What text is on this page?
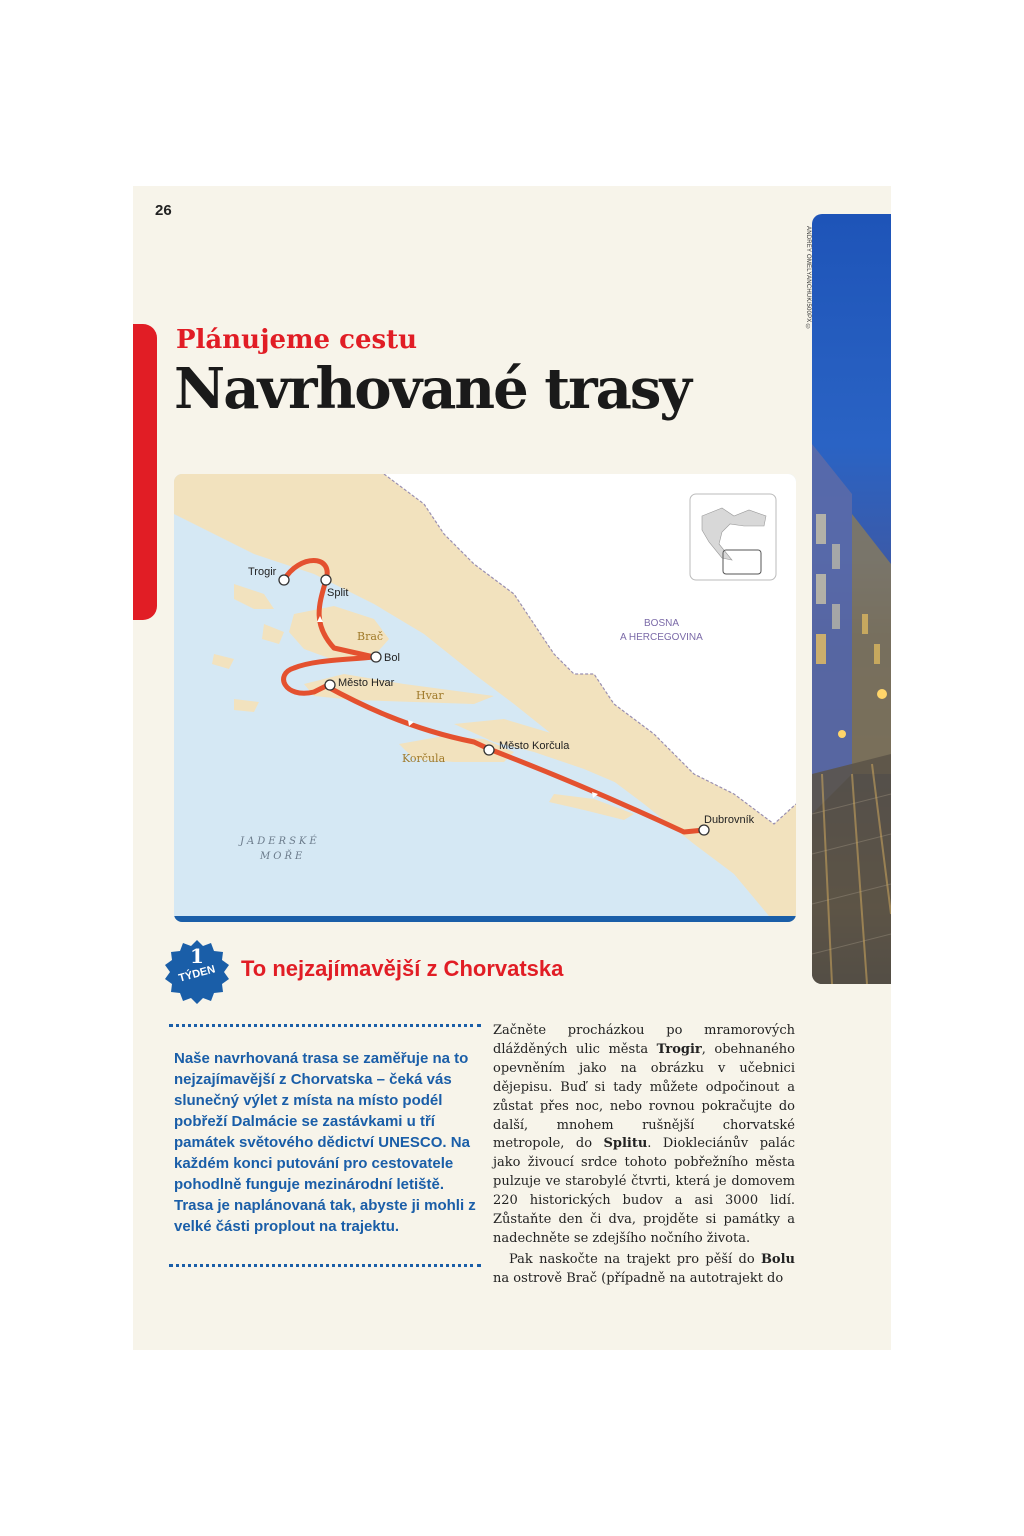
26
Plánujeme cestu
Navrhované trasy
ANDREY OMELYANCHUK/500PX ©
Trogir
Split
Brač
Bol
Město Hvar
Hvar
Město Korčula
Korčula
Dubrovník
BOSNA
A HERCEGOVINA
JADERSKÉ
MOŘE
1
TÝDEN	To nejzajímavější z Chorvatska
Naše navrhovaná trasa se zaměřuje na to nejzajímavější z Chorvatska – čeká vás slunečný výlet z místa na místo podél pobřeží Dalmácie se zastávkami u tří památek světového dědictví UNESCO. Na každém konci putování pro cestovatele pohodlně funguje mezinárodní letiště. Trasa je naplánovaná tak, abyste ji mohli z velké části proplout na trajektu.

Začněte procházkou po mramorových dlážděných ulic města Trogir, obehnaného opevněním jako na obrázku v učebnici dějepisu. Buď si tady můžete odpočinout a zůstat přes noc, nebo rovnou pokračujte do další, mnohem rušnější chorvatské metropole, do Splitu. Diokleciánův palác jako živoucí srdce tohoto pobřežního města pulzuje ve starobylé čtvrti, která je domovem 220 historických budov a asi 3000 lidí. Zůstaňte den či dva, projděte si památky a nadechněte se zdejšího nočního života.

Pak naskočte na trajekt pro pěší do Bolu na ostrově Brač (případně na autotrajekt do
